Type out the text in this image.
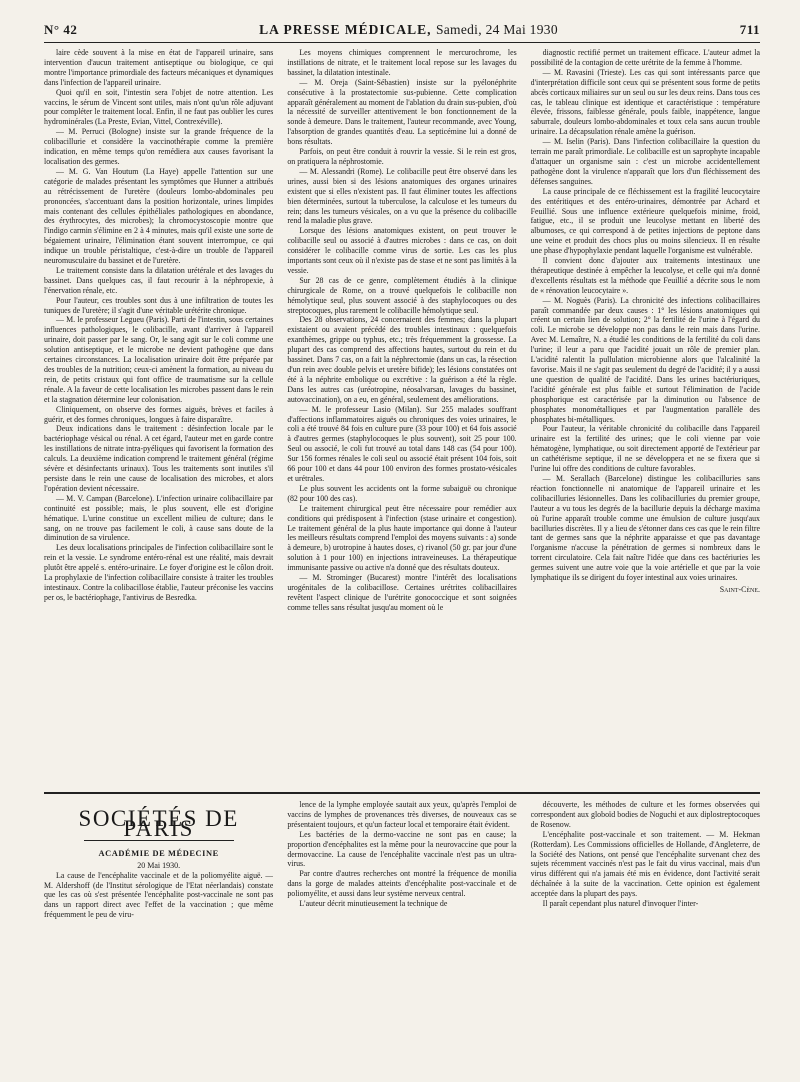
N° 42	LA PRESSE MÉDICALE, Samedi, 24 Mai 1930	711

laire cède souvent à la mise en état de l'appareil urinaire, sans intervention d'aucun traitement antiseptique ou biologique, ce qui montre l'importance primordiale des facteurs mécaniques et dynamiques dans l'infection de l'appareil urinaire.

Quoi qu'il en soit, l'intestin sera l'objet de notre attention. Les vaccins, le sérum de Vincent sont utiles, mais n'ont qu'un rôle adjuvant pour compléter le traitement local. Enfin, il ne faut pas oublier les cures hydrominérales (La Preste, Evian, Vittel, Contrexéville).

— M. Perruci (Bologne) insiste sur la grande fréquence de la colibacillurie et considère la vaccinothérapie comme la première indication, en même temps qu'on remédiera aux causes favorisant la localisation des germes.

— M. G. Van Houtum (La Haye) appelle l'attention sur une catégorie de malades présentant les symptômes que Hunner a attribués au rétrécissement de l'uretère (douleurs lombo-abdominales peu prononcées, s'accentuant dans la position horizontale, urines limpides mais contenant des cellules épithéliales pathologiques en abondance, des érythrocytes, des microbes); la chromocystoscopie montre que l'indigo carmin s'élimine en 2 à 4 minutes, mais qu'il existe une sorte de bégaiement urinaire, l'élimination étant souvent interrompue, ce qui indique un trouble péristaltique, c'est-à-dire un trouble de l'appareil neuromusculaire du bassinet et de l'uretère.

Le traitement consiste dans la dilatation urétérale et des lavages du bassinet. Dans quelques cas, il faut recourir à la néphropexie, à l'énervation rénale, etc.

Pour l'auteur, ces troubles sont dus à une infiltration de toutes les tuniques de l'uretère; il s'agit d'une véritable urétérite chronique.

— M. le professeur Legueu (Paris). Parti de l'intestin, sous certaines influences pathologiques, le colibacille, avant d'arriver à l'appareil urinaire, doit passer par le sang. Or, le sang agit sur le coli comme une solution antiseptique, et le microbe ne devient pathogène que dans certaines circonstances. La localisation urinaire doit être préparée par des troubles de la nutrition; ceux-ci amènent la formation, au niveau du rein, de petits cristaux qui font office de traumatisme sur la cellule rénale. A la faveur de cette localisation les microbes passent dans le rein et la stagnation détermine leur colonisation.

Cliniquement, on observe des formes aiguës, brèves et faciles à guérir, et des formes chroniques, longues à faire disparaître.

Deux indications dans le traitement : désinfection locale par le bactériophage vésical ou rénal. A cet égard, l'auteur met en garde contre les instillations de nitrate intra-pyéliques qui favorisent la formation des calculs. La deuxième indication comprend le traitement général (régime sévère et désinfectants urinaux). Tous les traitements sont inutiles s'il persiste dans le rein une cause de localisation des microbes, et alors l'opération devient nécessaire.

— M. V. Campan (Barcelone). L'infection urinaire colibacillaire par continuité est possible; mais, le plus souvent, elle est d'origine hématique. L'urine constitue un excellent milieu de culture; dans le sang, on ne trouve pas facilement le coli, à cause sans doute de la diminution de sa virulence.

Les deux localisations principales de l'infection colibacillaire sont le rein et la vessie. Le syndrome entéro-rénal est une réalité, mais devrait plutôt être appelé s. entéro-urinaire. Le foyer d'origine est le côlon droit. La prophylaxie de l'infection colibacillaire consiste à traiter les troubles intestinaux. Contre la colibacillose établie, l'auteur préconise les vaccins per os, le bactériophage, l'antivirus de Besredka.

Les moyens chimiques comprennent le mercurochrome, les instillations de nitrate, et le traitement local repose sur les lavages du bassinet, la dilatation intestinale.

— M. Oreja (Saint-Sébastien) insiste sur la pyélonéphrite consécutive à la prostatectomie sus-pubienne. Cette complication apparaît généralement au moment de l'ablation du drain sus-pubien, d'où la nécessité de surveiller attentivement le bon fonctionnement de la sonde à demeure. Dans le traitement, l'auteur recommande, avec Young, l'absorption de grandes quantités d'eau. La septicémine lui a donné de bons résultats.

Parfois, on peut être conduit à rouvrir la vessie. Si le rein est gros, on pratiquera la néphrostomie.

— M. Alessandri (Rome). Le colibacille peut être observé dans les urines, aussi bien si des lésions anatomiques des organes urinaires existent que si elles n'existent pas. Il faut éliminer toutes les affections bien déterminées, surtout la tuberculose, la calculose et les tumeurs du rein; dans les tumeurs vésicales, on a vu que la présence du colibacille rend la maladie plus grave.

Lorsque des lésions anatomiques existent, on peut trouver le colibacille seul ou associé à d'autres microbes : dans ce cas, on doit considérer le colibacille comme virus de sortie. Les cas les plus importants sont ceux où il n'existe pas de stase et ne sont pas limités à la vessie.

Sur 28 cas de ce genre, complètement étudiés à la clinique chirurgicale de Rome, on a trouvé quelquefois le colibacille non hémolytique seul, plus souvent associé à des staphylocoques ou des streptocoques, plus rarement le colibacille hémolytique seul.

Des 28 observations, 24 concernaient des femmes; dans la plupart existaient ou avaient précédé des troubles intestinaux : quelquefois exanthèmes, grippe ou typhus, etc.; très fréquemment la grossesse. La plupart des cas comprend des affections hautes, surtout du rein et du bassinet. Dans 7 cas, on a fait la néphrectomie (dans un cas, la résection d'un rein avec double pelvis et uretère bifide); les lésions constatées ont été à la néphrite embolique ou excrétive : la guérison a été la règle. Dans les autres cas (uréotropine, néosalvarsan, lavages du bassinet, autovaccination), on a eu, en général, seulement des améliorations.

— M. le professeur Lasio (Milan). Sur 255 malades souffrant d'affections inflammatoires aiguës ou chroniques des voies urinaires, le coli a été trouvé 84 fois en culture pure (33 pour 100) et 64 fois associé à d'autres germes (staphylocoques le plus souvent), soit 25 pour 100. Seul ou associé, le coli fut trouvé au total dans 148 cas (54 pour 100). Sur 156 formes rénales le coli seul ou associé était présent 104 fois, soit 66 pour 100 et dans 44 pour 100 environ des formes prostato-vésicales et urétrales.

Le plus souvent les accidents ont la forme subaiguë ou chronique (82 pour 100 des cas).

Le traitement chirurgical peut être nécessaire pour remédier aux conditions qui prédisposent à l'infection (stase urinaire et congestion). Le traitement général de la plus haute importance qui donne à l'auteur les meilleurs résultats comprend l'emploi des moyens suivants : a) sonde à demeure, b) urotropine à hautes doses, c) rivanol (50 gr. par jour d'une solution à 1 pour 100) en injections intraveineuses. La thérapeutique immunisante passive ou active n'a donné que des résultats douteux.

— M. Strominger (Bucarest) montre l'intérêt des localisations urogénitales de la colibacillose. Certaines urétrites colibacillaires revêtent l'aspect clinique de l'urétrite gonococcique et sont soignées comme telles sans résultat jusqu'au moment où le

diagnostic rectifié permet un traitement efficace. L'auteur admet la possibilité de la contagion de cette urétrite de la femme à l'homme.

— M. Ravasini (Trieste). Les cas qui sont intéressants parce que d'interprétation difficile sont ceux qui se présentent sous forme de petits abcès corticaux miliaires sur un seul ou sur les deux reins. Dans tous ces cas, le tableau clinique est identique et caractéristique : température élevée, frissons, faiblesse générale, pouls faible, inappétence, langue saburrale, douleurs lombo-abdominales et toux cela sans aucun trouble urinaire. La décapsulation rénale amène la guérison.

— M. Iselin (Paris). Dans l'infection colibacillaire la question du terrain me paraît primordiale. Le colibacille est un saprophyte incapable d'attaquer un organisme sain : c'est un microbe accidentellement pathogène dont la virulence n'apparaît que lors d'un fléchissement des défenses sanguines.

La cause principale de ce fléchissement est la fragilité leucocytaire des entéritiques et des entéro-urinaires, démontrée par Achard et Feuillié. Sous une influence extérieure quelquefois minime, froid, fatigue, etc., il se produit une leucolyse mettant en liberté des albumoses, ce qui correspond à de petites injections de peptone dans une veine et produit des chocs plus ou moins silencieux. Il en résulte une phase d'hypophylaxie pendant laquelle l'organisme est vulnérable.

Il convient donc d'ajouter aux traitements intestinaux une thérapeutique destinée à empêcher la leucolyse, et celle qui m'a donné d'excellents résultats est la méthode que Feuillié a décrite sous le nom de « rénovation leucocytaire ».

— M. Noguès (Paris). La chronicité des infections colibacillaires paraît commandée par deux causes : 1° les lésions anatomiques qui créent un certain lien de solution; 2° la fertilité de l'urine à l'égard du coli. Le microbe se développe non pas dans le rein mais dans l'urine. Avec M. Lemaître, N. a étudié les conditions de la fertilité du coli dans l'urine; il leur a paru que l'acidité jouait un rôle de premier plan. L'acidité ralentit la pullulation microbienne alors que l'alcalinité la favorise. Mais il ne s'agit pas seulement du degré de l'acidité; il y a aussi une question de qualité de l'acidité. Dans les urines bactériuriques, l'acidité générale est plus faible et surtout l'élimination de l'acide phosphorique est caractérisée par la diminution ou l'absence de phosphates monométalliques et par l'augmentation parallèle des phosphates bi-métalliques.

Pour l'auteur, la véritable chronicité du colibacille dans l'appareil urinaire est la fertilité des urines; que le coli vienne par voie hématogène, lymphatique, ou soit directement apporté de l'extérieur par un cathétérisme septique, il ne se développera et ne se fixera que si l'urine lui offre des conditions de culture favorables.

— M. Serallach (Barcelone) distingue les colibacilluries sans réaction fonctionnelle ni anatomique de l'appareil urinaire et les colibacilluries lésionnelles. Dans les colibacilluries du premier groupe, l'auteur a vu tous les degrés de la bacillurie depuis la décharge maxima où l'urine apparaît trouble comme une émulsion de culture jusqu'aux bacilluries discrètes. Il y a lieu de s'étonner dans ces cas que le rein filtre tant de germes sans que la néphrite apparaisse et que pas davantage l'organisme n'accuse la pénétration de germes si nombreux dans le torrent circulatoire. Cela fait naître l'idée que dans ces bactériuries les germes suivent une autre voie que la voie artérielle et que par la voie lymphatique ils se dirigent du foyer intestinal aux voies urinaires.

Saint-Cène.

SOCIÉTÉS DE PARIS
ACADÉMIE DE MÉDECINE

20 Mai 1930.

La cause de l'encéphalite vaccinale et de la poliomyélite aiguë. — M. Aldershoff (de l'Institut sérologique de l'Etat néerlandais) constate que les cas où s'est présentée l'encéphalite post-vaccinale ne sont pas dans un rapport direct avec l'effet de la vaccination ; que même fréquemment le peu de viru-

lence de la lymphe employée sautait aux yeux, qu'après l'emploi de vaccins de lymphes de provenances très diverses, de nouveaux cas se présentaient toujours, et qu'un facteur local et temporaire était évident.

Les bactéries de la dermo-vaccine ne sont pas en cause; la proportion d'encéphalites est la même pour la neurovaccine que pour la dermovaccine. La cause de l'encéphalite vaccinale n'est pas un ultra-virus.

Par contre d'autres recherches ont montré la fréquence de monilia dans la gorge de malades atteints d'encéphalite post-vaccinale et de poliomyélite, et aussi dans leur système nerveux central.

L'auteur décrit minutieusement la technique de

découverte, les méthodes de culture et les formes observées qui correspondent aux globoïd bodies de Noguchi et aux diplostreptocoques de Rosenow.

L'encéphalite post-vaccinale et son traitement. — M. Hekman (Rotterdam). Les Commissions officielles de Hollande, d'Angleterre, de la Société des Nations, ont pensé que l'encéphalite survenant chez des sujets récemment vaccinés n'est pas le fait du virus vaccinal, mais d'un virus différent qui n'a jamais été mis en évidence, dont l'activité serait déchaînée à la suite de la vaccination. Cette opinion est également acceptée dans la plupart des pays.

Il paraît cependant plus naturel d'invoquer l'inter-
